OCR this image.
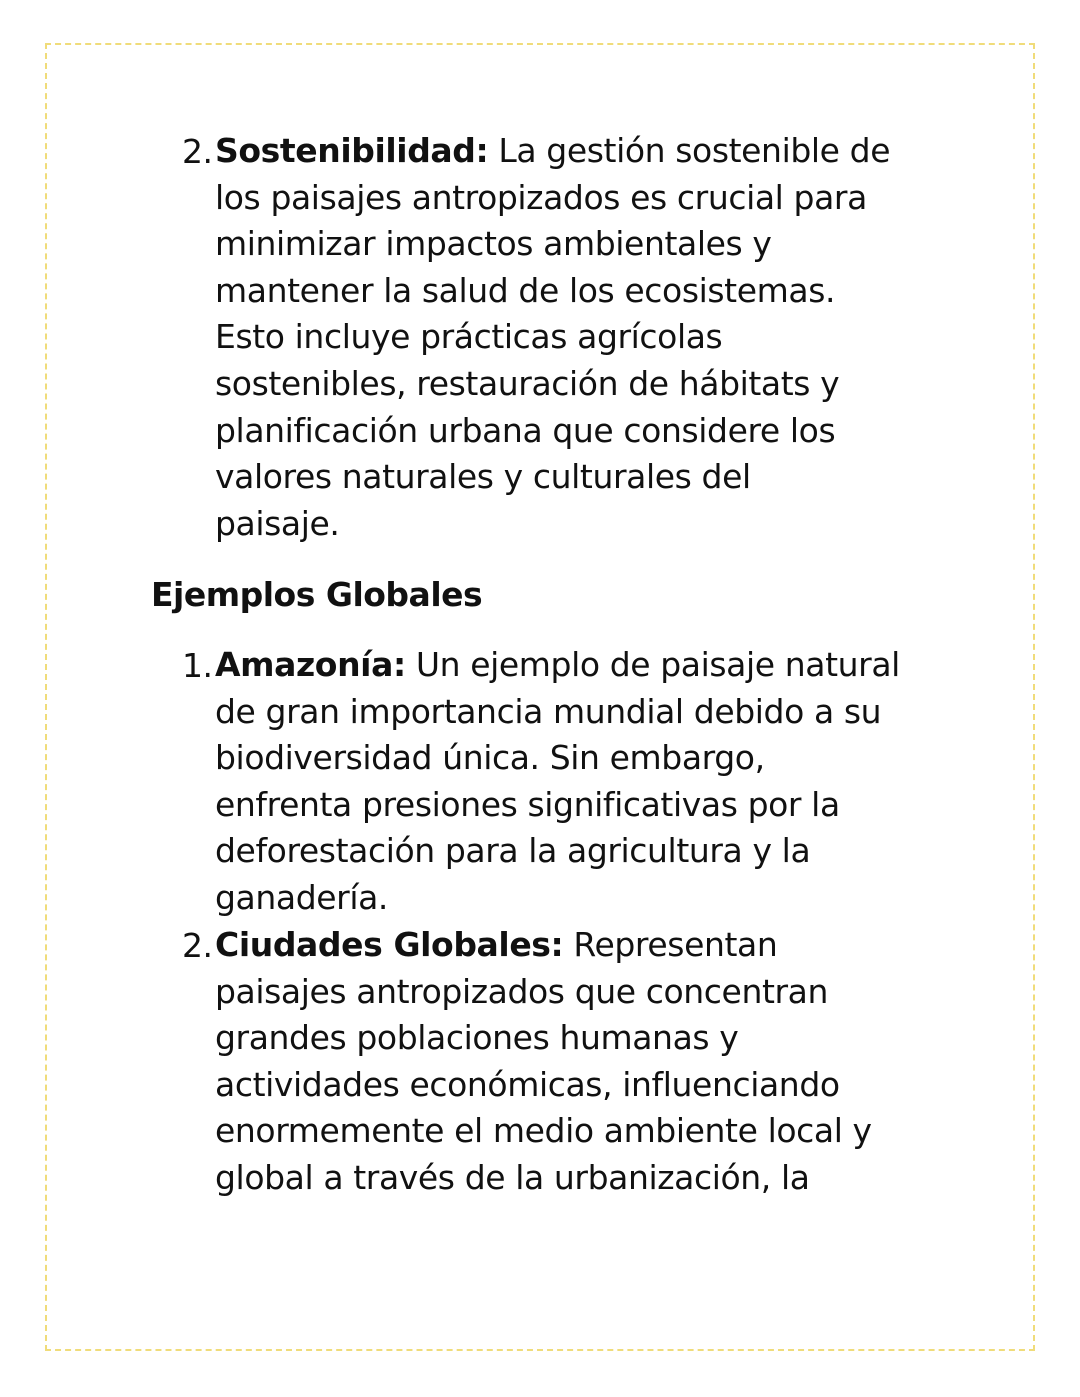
2. Sostenibilidad: La gestión sostenible de
los paisajes antropizados es crucial para
minimizar impactos ambientales y
mantener la salud de los ecosistemas.
Esto incluye prácticas agrícolas
sostenibles, restauración de hábitats y
planificación urbana que considere los
valores naturales y culturales del
paisaje.
Ejemplos Globales
1. Amazonía: Un ejemplo de paisaje natural
de gran importancia mundial debido a su
biodiversidad única. Sin embargo,
enfrenta presiones significativas por la
deforestación para la agricultura y la
ganadería.
2. Ciudades Globales: Representan
paisajes antropizados que concentran
grandes poblaciones humanas y
actividades económicas, influenciando
enormemente el medio ambiente local y
global a través de la urbanización, la
